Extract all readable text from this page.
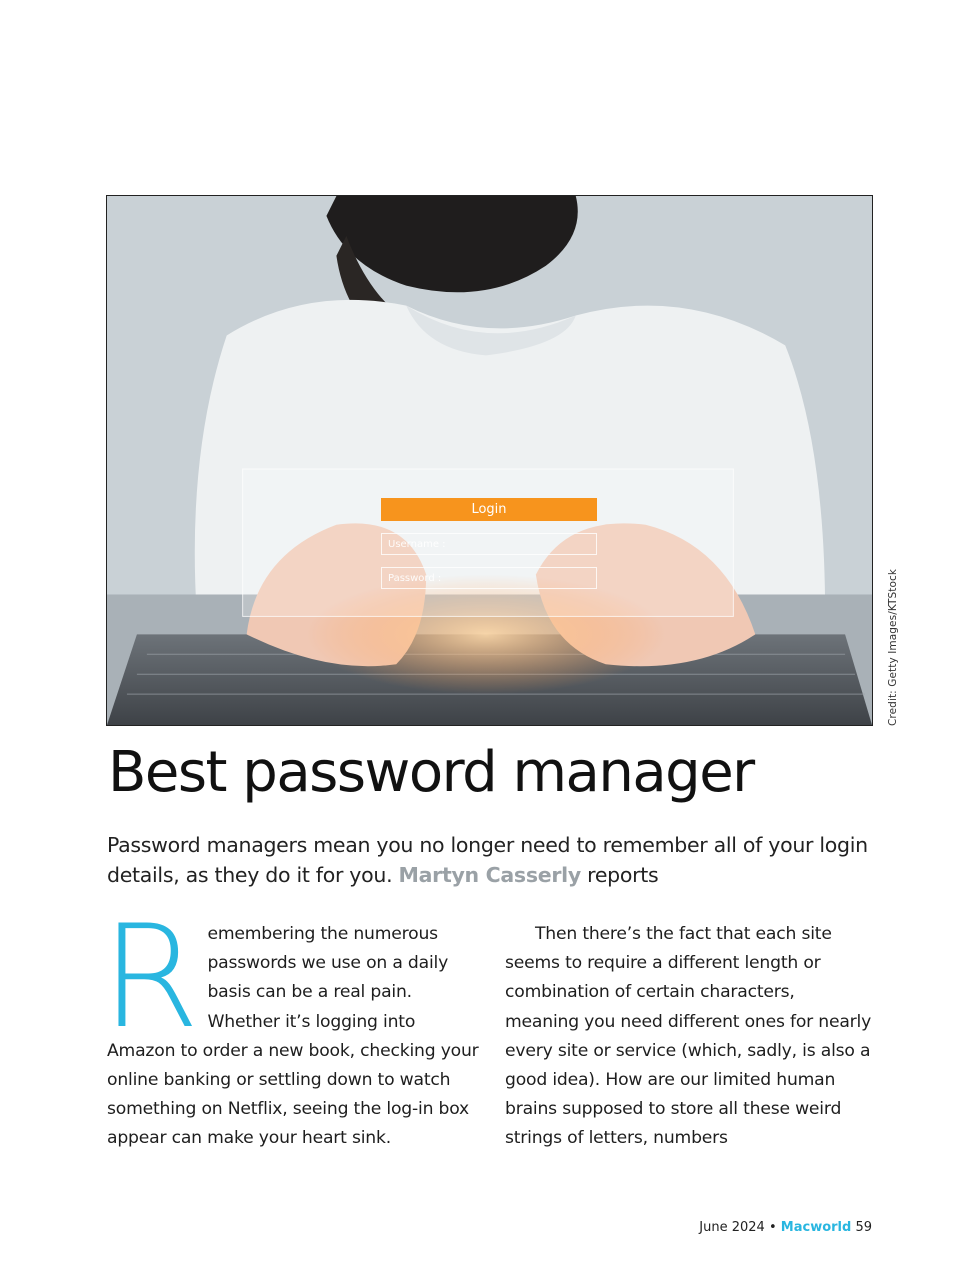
Login
Username :
Password :	Credit: Getty Images/KTStock
Best password manager

Password managers mean you no longer need to remember all of your login details, as they do it for you. Martyn Casserly reports

Remembering the numerous passwords we use on a daily basis can be a real pain. Whether it’s logging into Amazon to order a new book, checking your online banking or settling down to watch something on Netflix, seeing the log-in box appear can make your heart sink.

Then there’s the fact that each site seems to require a different length or combination of certain characters, meaning you need different ones for nearly every site or service (which, sadly, is also a good idea). How are our limited human brains supposed to store all these weird strings of letters, numbers

June 2024 • Macworld 59
